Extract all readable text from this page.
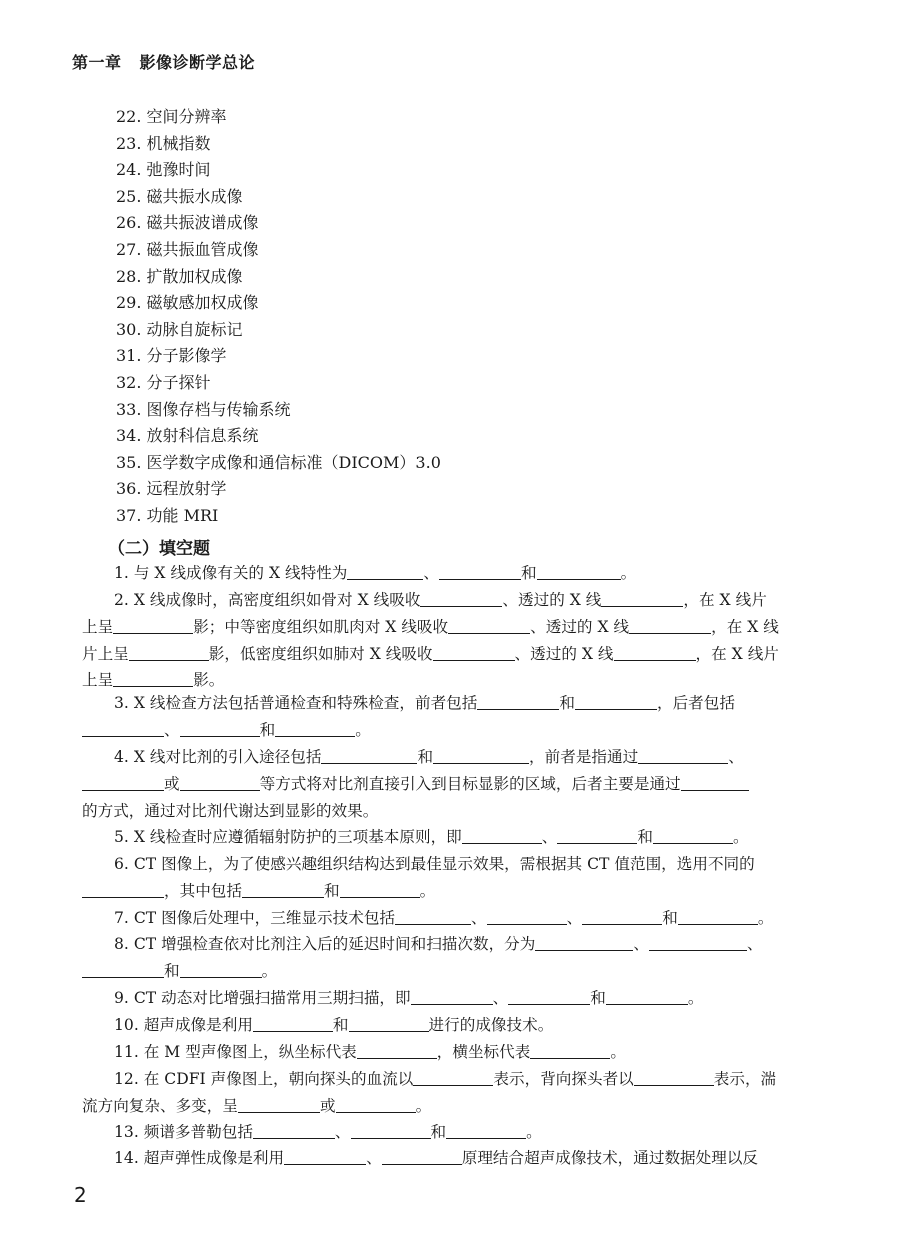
第一章 影像诊断学总论
22. 空间分辨率
23. 机械指数
24. 弛豫时间
25. 磁共振水成像
26. 磁共振波谱成像
27. 磁共振血管成像
28. 扩散加权成像
29. 磁敏感加权成像
30. 动脉自旋标记
31. 分子影像学
32. 分子探针
33. 图像存档与传输系统
34. 放射科信息系统
35. 医学数字成像和通信标准（DICOM）3.0
36. 远程放射学
37. 功能 MRI
（二）填空题
1. 与 X 线成像有关的 X 线特性为	、	和	。
2. X 线成像时，高密度组织如骨对 X 线吸收	、透过的 X 线	，在 X 线片
上呈	影；中等密度组织如肌肉对 X 线吸收	、透过的 X 线	，在 X 线
片上呈	影，低密度组织如肺对 X 线吸收	、透过的 X 线	，在 X 线片
上呈	影。
3. X 线检查方法包括普通检查和特殊检查，前者包括	和	，后者包括
、	和	。
4. X 线对比剂的引入途径包括	和	，前者是指通过	、
或	等方式将对比剂直接引入到目标显影的区域，后者主要是通过
的方式，通过对比剂代谢达到显影的效果。
5. X 线检查时应遵循辐射防护的三项基本原则，即	、	和	。
6. CT 图像上，为了使感兴趣组织结构达到最佳显示效果，需根据其 CT 值范围，选用不同的
，其中包括	和	。
7. CT 图像后处理中，三维显示技术包括	、	、	和	。
8. CT 增强检查依对比剂注入后的延迟时间和扫描次数，分为	、	、
和	。
9. CT 动态对比增强扫描常用三期扫描，即	、	和	。
10. 超声成像是利用	和	进行的成像技术。
11. 在 M 型声像图上，纵坐标代表	，横坐标代表	。
12. 在 CDFI 声像图上，朝向探头的血流以	表示，背向探头者以	表示，湍
流方向复杂、多变，呈	或	。
13. 频谱多普勒包括	、	和	。
14. 超声弹性成像是利用	、	原理结合超声成像技术，通过数据处理以反
2
